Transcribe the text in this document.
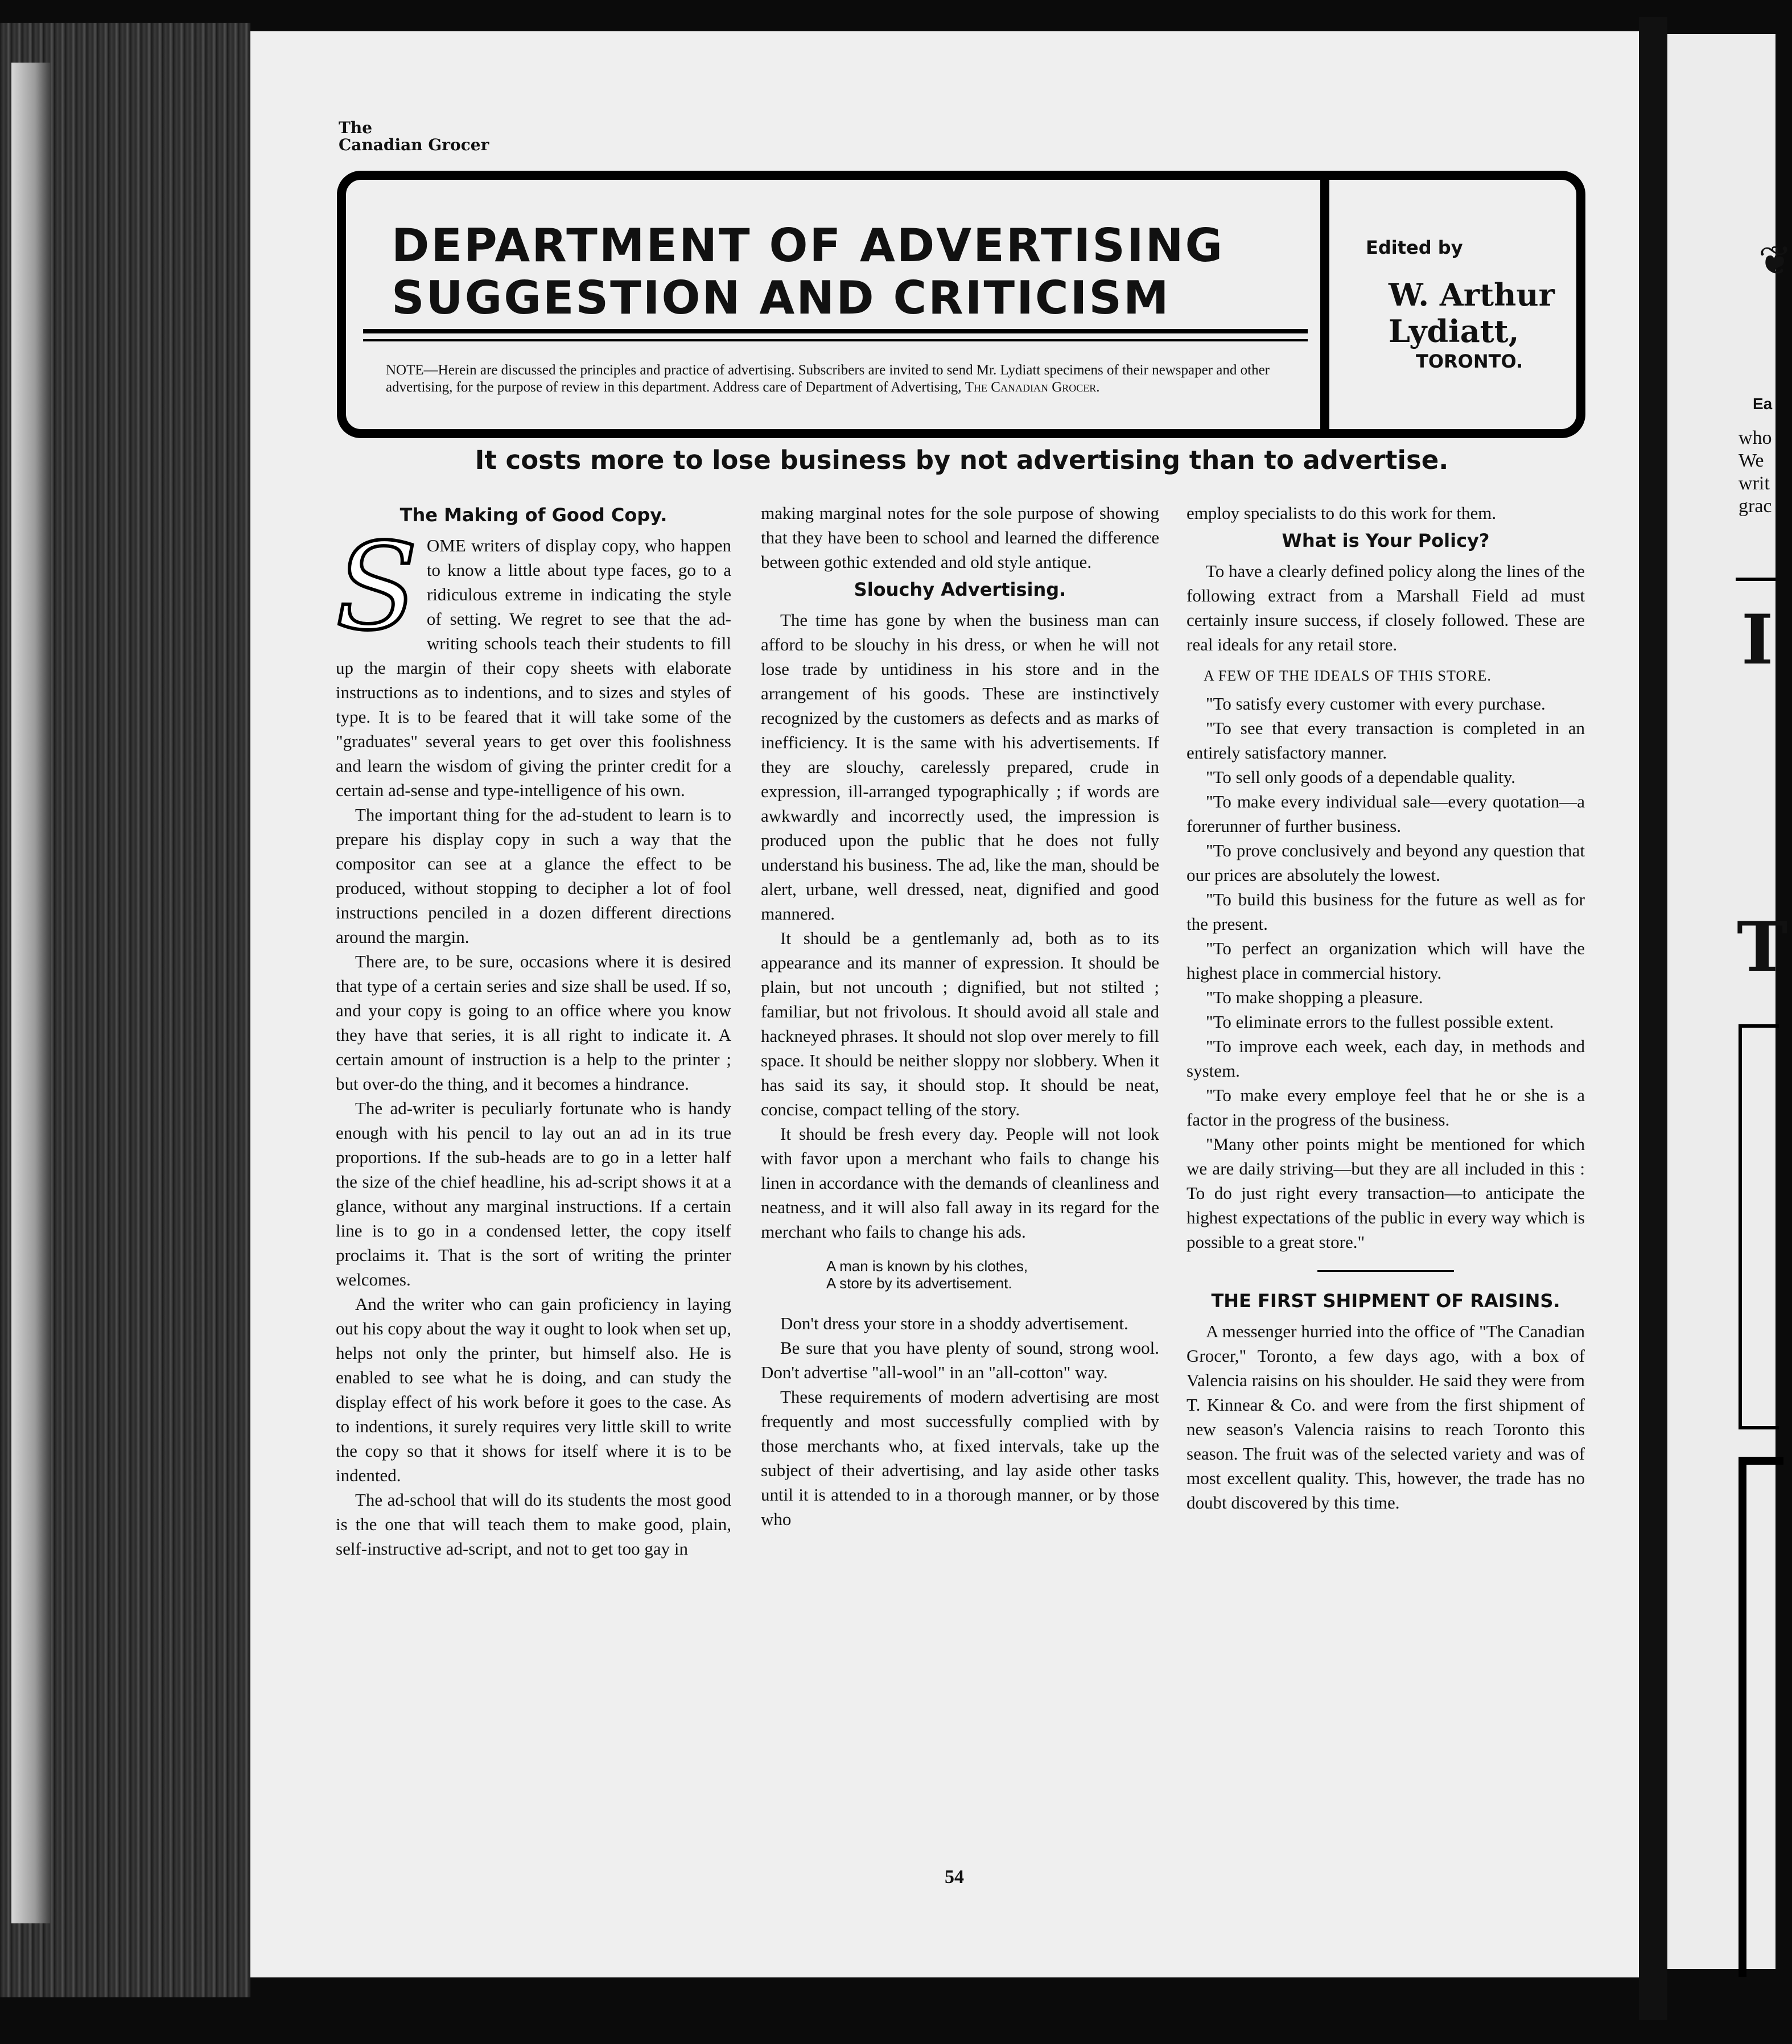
❦
Ea
who
We
writ
grac
I
T
The
Canadian Grocer
DEPARTMENT OF ADVERTISING
SUGGESTION AND CRITICISM
NOTE—Herein are discussed the principles and practice of advertising. Subscribers are invited to send Mr. Lydiatt specimens of their newspaper and other advertising, for the purpose of review in this department. Address care of Department of Advertising, The Canadian Grocer.
Edited by
W. Arthur
Lydiatt,
TORONTO.
It costs more to lose business by not advertising than to advertise.
The Making of Good Copy.

SOME writers of display copy, who happen to know a little about type faces, go to a ridiculous extreme in indicating the style of setting. We regret to see that the ad-writing schools teach their students to fill up the margin of their copy sheets with elaborate instructions as to indentions, and to sizes and styles of type. It is to be feared that it will take some of the "graduates" several years to get over this foolishness and learn the wisdom of giving the printer credit for a certain ad-sense and type-intelligence of his own.

The important thing for the ad-student to learn is to prepare his display copy in such a way that the compositor can see at a glance the effect to be produced, without stopping to decipher a lot of fool instructions penciled in a dozen different directions around the margin.

There are, to be sure, occasions where it is desired that type of a certain series and size shall be used. If so, and your copy is going to an office where you know they have that series, it is all right to indicate it. A certain amount of instruction is a help to the printer ; but over-do the thing, and it becomes a hindrance.

The ad-writer is peculiarly fortunate who is handy enough with his pencil to lay out an ad in its true proportions. If the sub-heads are to go in a letter half the size of the chief headline, his ad-script shows it at a glance, without any marginal instructions. If a certain line is to go in a condensed letter, the copy itself proclaims it. That is the sort of writing the printer welcomes.

And the writer who can gain proficiency in laying out his copy about the way it ought to look when set up, helps not only the printer, but himself also. He is enabled to see what he is doing, and can study the display effect of his work before it goes to the case. As to indentions, it surely requires very little skill to write the copy so that it shows for itself where it is to be indented.

The ad-school that will do its students the most good is the one that will teach them to make good, plain, self-instructive ad-script, and not to get too gay in

making marginal notes for the sole purpose of showing that they have been to school and learned the difference between gothic extended and old style antique.

Slouchy Advertising.

The time has gone by when the business man can afford to be slouchy in his dress, or when he will not lose trade by untidiness in his store and in the arrangement of his goods. These are instinctively recognized by the customers as defects and as marks of inefficiency. It is the same with his advertisements. If they are slouchy, carelessly prepared, crude in expression, ill-arranged typographically ; if words are awkwardly and incorrectly used, the impression is produced upon the public that he does not fully understand his business. The ad, like the man, should be alert, urbane, well dressed, neat, dignified and good mannered.

It should be a gentlemanly ad, both as to its appearance and its manner of expression. It should be plain, but not uncouth ; dignified, but not stilted ; familiar, but not frivolous. It should avoid all stale and hackneyed phrases. It should not slop over merely to fill space. It should be neither sloppy nor slobbery. When it has said its say, it should stop. It should be neat, concise, compact telling of the story.

It should be fresh every day. People will not look with favor upon a merchant who fails to change his linen in accordance with the demands of cleanliness and neatness, and it will also fall away in its regard for the merchant who fails to change his ads.

A man is known by his clothes,
A store by its advertisement.

Don't dress your store in a shoddy advertisement.

Be sure that you have plenty of sound, strong wool. Don't advertise "all-wool" in an "all-cotton" way.

These requirements of modern advertising are most frequently and most successfully complied with by those merchants who, at fixed intervals, take up the subject of their advertising, and lay aside other tasks until it is attended to in a thorough manner, or by those who

employ specialists to do this work for them.

What is Your Policy?

To have a clearly defined policy along the lines of the following extract from a Marshall Field ad must certainly insure success, if closely followed. These are real ideals for any retail store.

A FEW OF THE IDEALS OF THIS STORE.

"To satisfy every customer with every purchase.

"To see that every transaction is completed in an entirely satisfactory manner.

"To sell only goods of a dependable quality.

"To make every individual sale—every quotation—a forerunner of further business.

"To prove conclusively and beyond any question that our prices are absolutely the lowest.

"To build this business for the future as well as for the present.

"To perfect an organization which will have the highest place in commercial history.

"To make shopping a pleasure.

"To eliminate errors to the fullest possible extent.

"To improve each week, each day, in methods and system.

"To make every employe feel that he or she is a factor in the progress of the business.

"Many other points might be mentioned for which we are daily striving—but they are all included in this : To do just right every transaction—to anticipate the highest expectations of the public in every way which is possible to a great store."

THE FIRST SHIPMENT OF RAISINS.

A messenger hurried into the office of "The Canadian Grocer," Toronto, a few days ago, with a box of Valencia raisins on his shoulder. He said they were from T. Kinnear & Co. and were from the first shipment of new season's Valencia raisins to reach Toronto this season. The fruit was of the selected variety and was of most excellent quality. This, however, the trade has no doubt discovered by this time.

54
